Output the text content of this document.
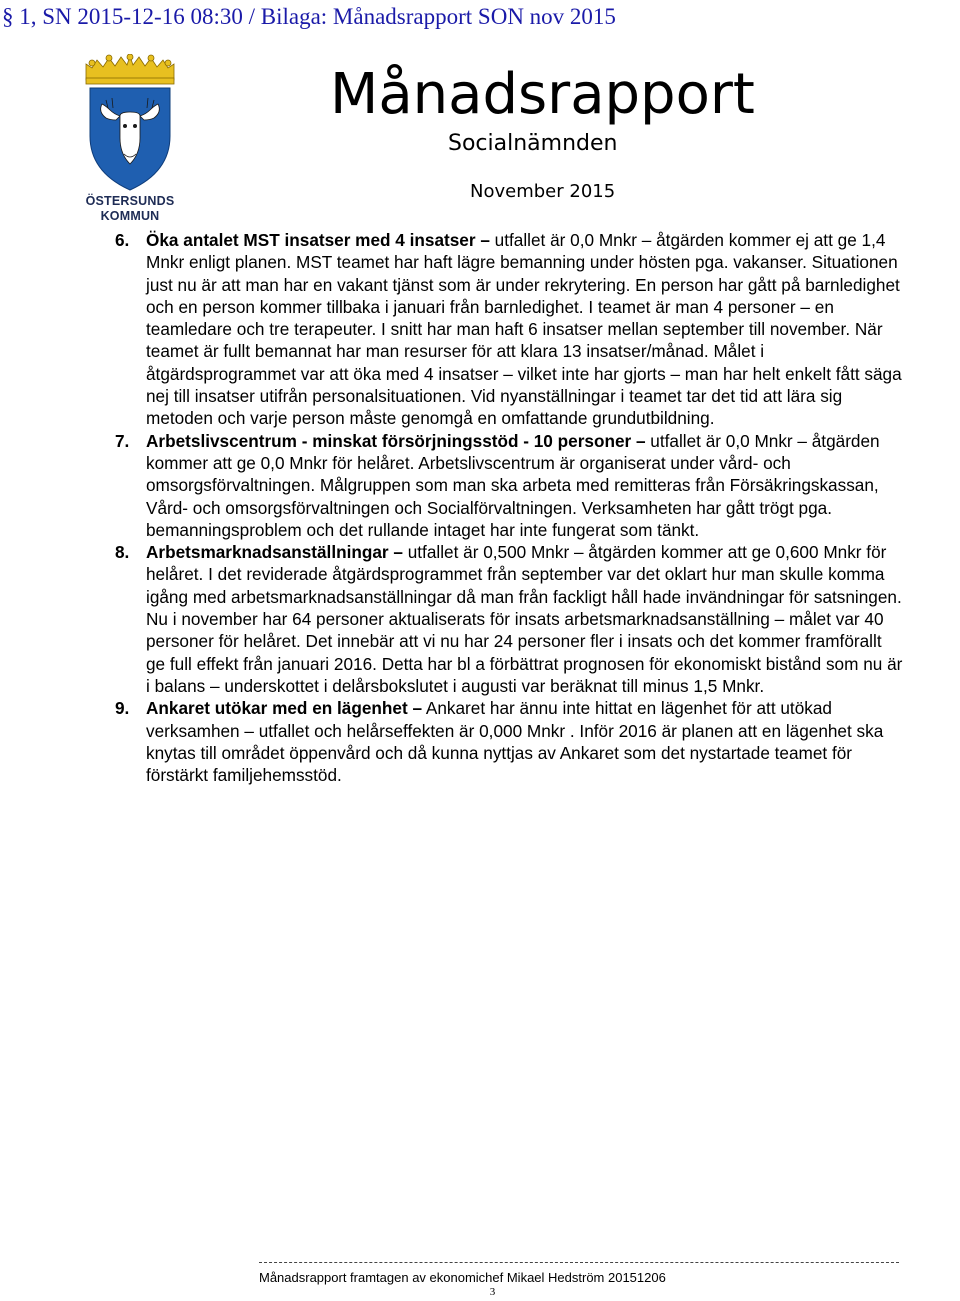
§ 1, SN 2015-12-16 08:30 / Bilaga: Månadsrapport SON nov 2015
ÖSTERSUNDS
KOMMUN
Månadsrapport
Socialnämnden
November 2015
6. Öka antalet MST insatser med 4 insatser – utfallet är 0,0 Mnkr – åtgärden kommer ej att ge 1,4 Mnkr enligt planen. MST teamet har haft lägre bemanning under hösten pga. vakanser. Situationen just nu är att man har en vakant tjänst som är under rekrytering. En person har gått på barnledighet och en person kommer tillbaka i januari från barnledighet. I teamet är man 4 personer – en teamledare och tre terapeuter. I snitt har man haft 6 insatser mellan september till november. När teamet är fullt bemannat har man resurser för att klara 13 insatser/månad. Målet i åtgärdsprogrammet var att öka med 4 insatser – vilket inte har gjorts – man har helt enkelt fått säga nej till insatser utifrån personalsituationen. Vid nyanställningar i teamet tar det tid att lära sig metoden och varje person måste genomgå en omfattande grundutbildning.
7. Arbetslivscentrum - minskat försörjningsstöd - 10 personer – utfallet är 0,0 Mnkr – åtgärden kommer att ge 0,0 Mnkr för helåret. Arbetslivscentrum är organiserat under vård- och omsorgsförvaltningen. Målgruppen som man ska arbeta med remitteras från Försäkringskassan, Vård- och omsorgsförvaltningen och Socialförvaltningen. Verksamheten har gått trögt pga. bemanningsproblem och det rullande intaget har inte fungerat som tänkt.
8. Arbetsmarknadsanställningar – utfallet är 0,500 Mnkr – åtgärden kommer att ge 0,600 Mnkr för helåret. I det reviderade åtgärdsprogrammet från september var det oklart hur man skulle komma igång med arbetsmarknadsanställningar då man från fackligt håll hade invändningar för satsningen. Nu i november har 64 personer aktualiserats för insats arbetsmarknadsanställning – målet var 40 personer för helåret. Det innebär att vi nu har 24 personer fler i insats och det kommer framförallt ge full effekt från januari 2016. Detta har bl a förbättrat prognosen för ekonomiskt bistånd som nu är i balans – underskottet i delårsbokslutet i augusti var beräknat till minus 1,5 Mnkr.
9. Ankaret utökar med en lägenhet – Ankaret har ännu inte hittat en lägenhet för att utökad verksamhen – utfallet och helårseffekten är 0,000 Mnkr . Inför 2016 är planen att en lägenhet ska knytas till området öppenvård och då kunna nyttjas av Ankaret som det nystartade teamet för förstärkt familjehemsstöd.
Månadsrapport framtagen av ekonomichef Mikael Hedström 20151206
3
